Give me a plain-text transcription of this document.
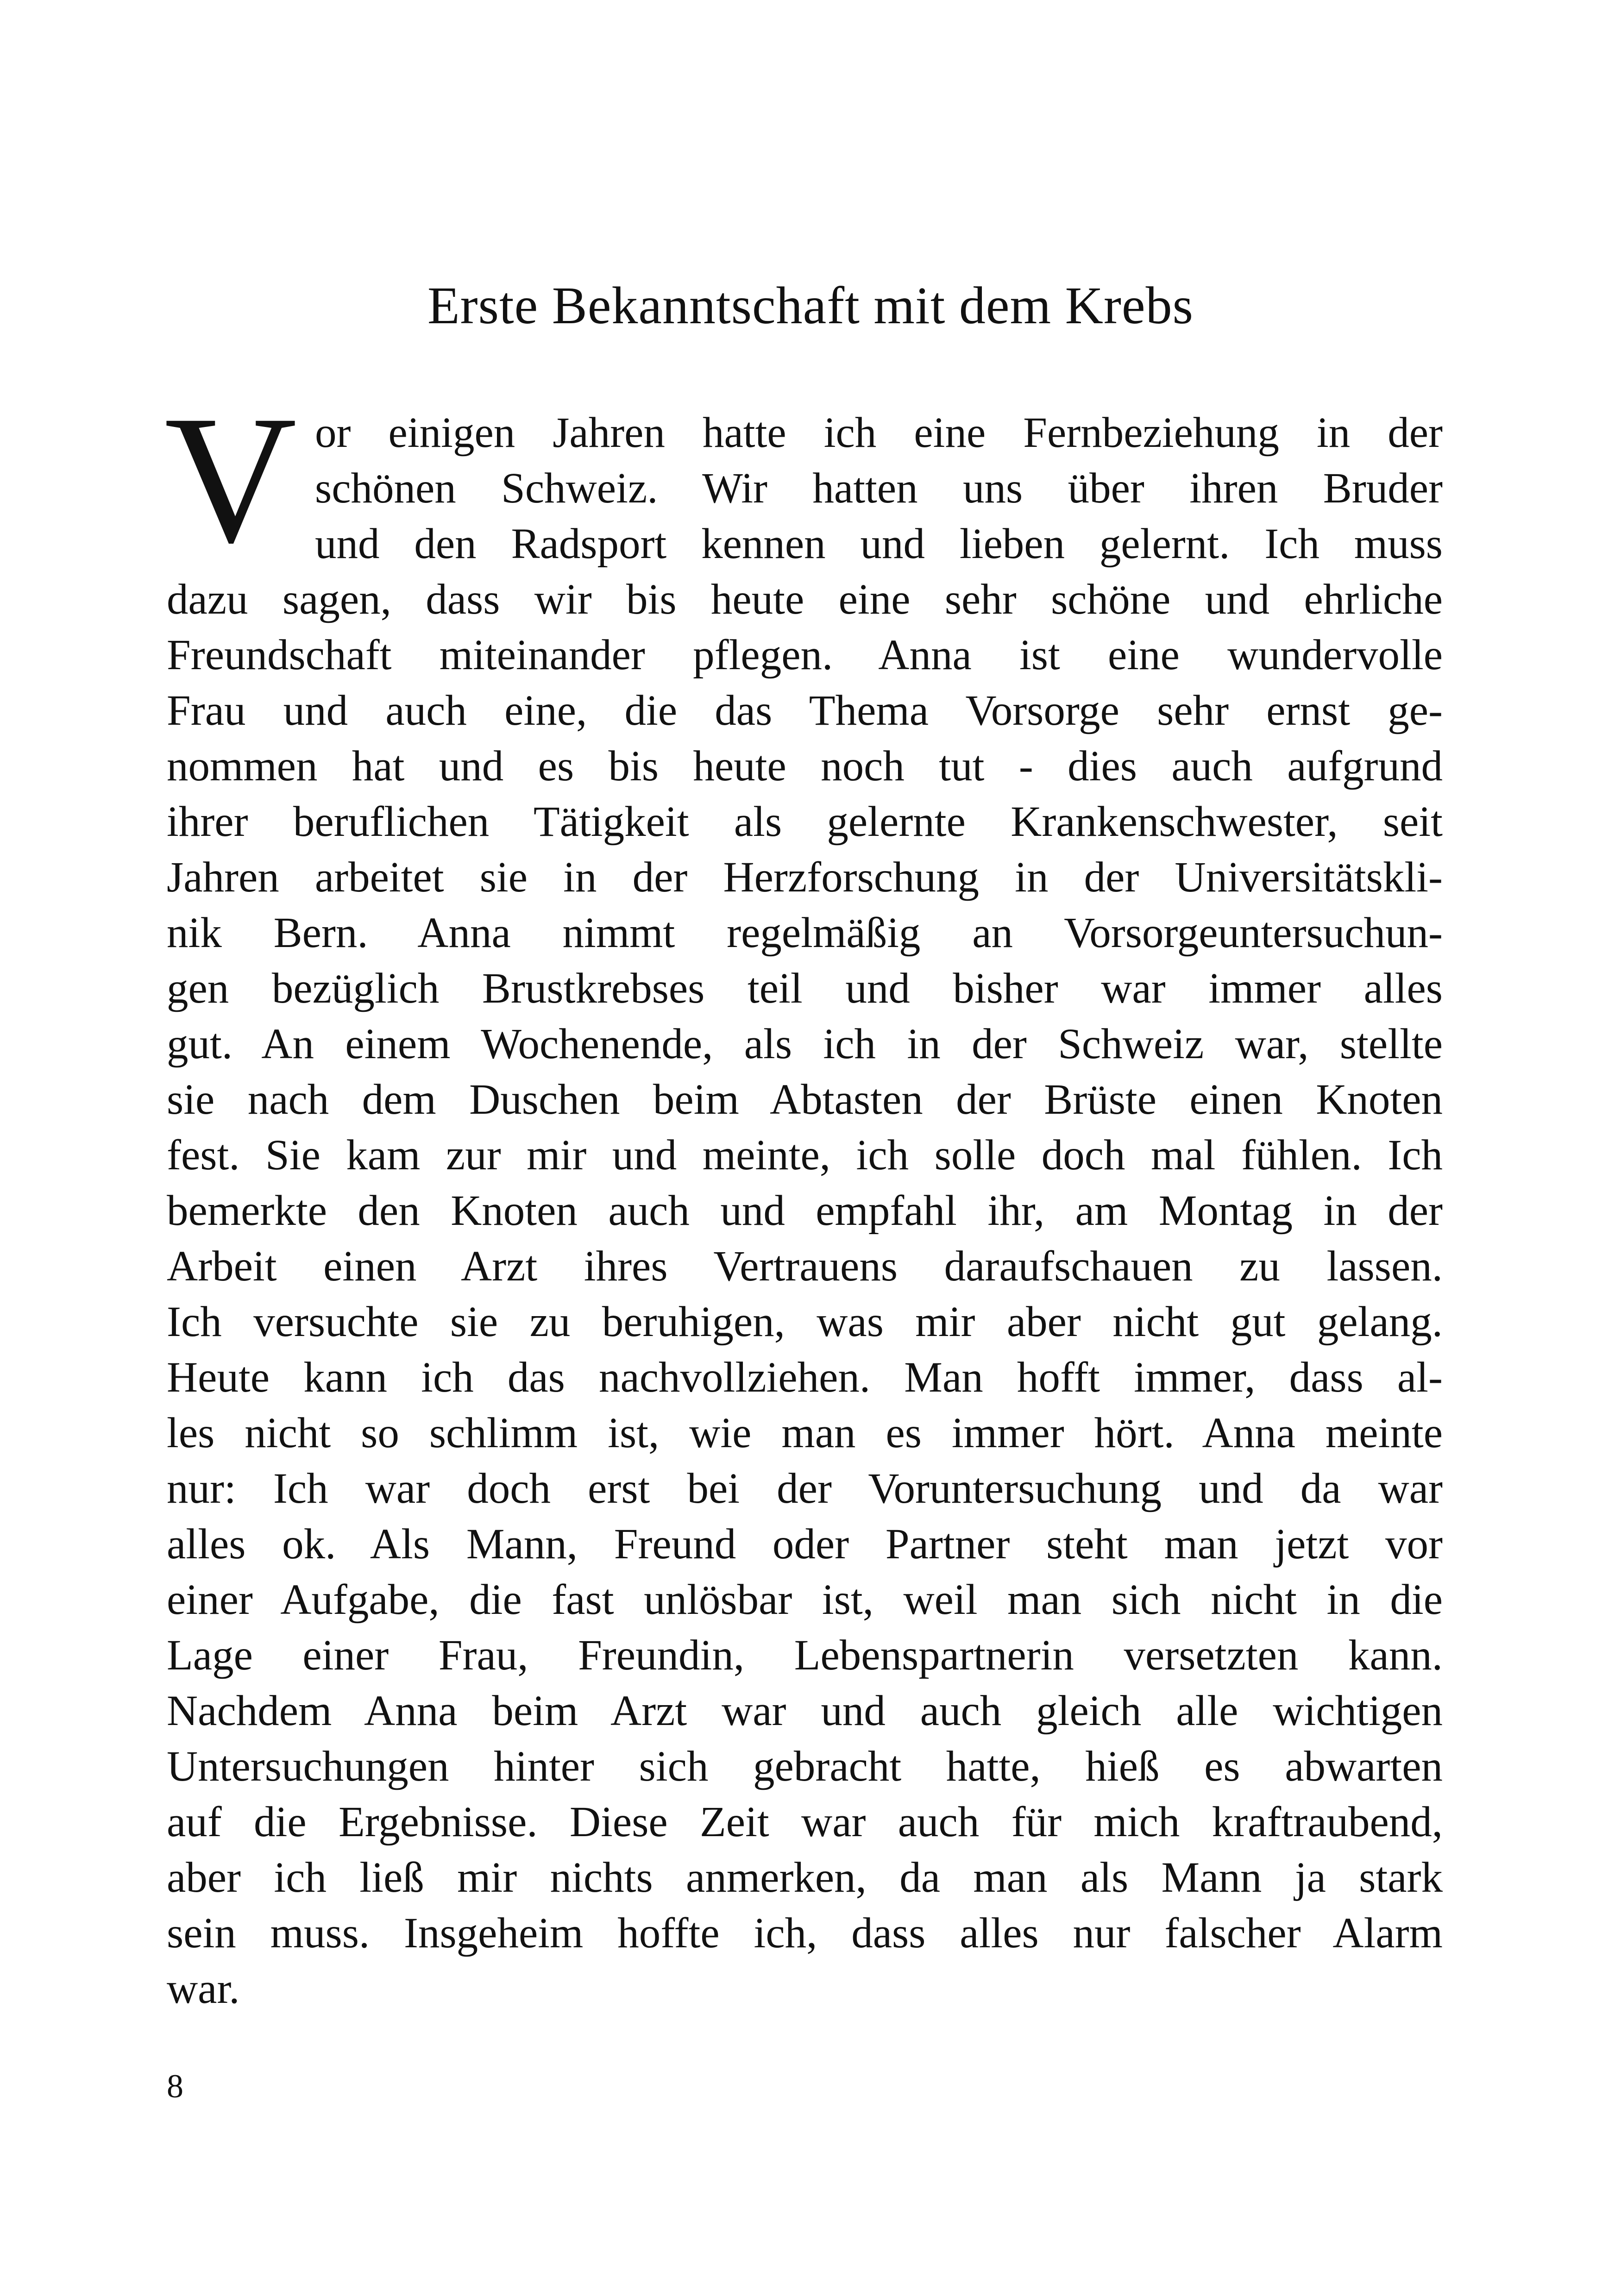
Erste Bekanntschaft mit dem Krebs
V or einigen Jahren hatte ich eine Fernbeziehung in der
schönen Schweiz. Wir hatten uns über ihren Bruder
und den Radsport kennen und lieben gelernt. Ich muss
dazu sagen, dass wir bis heute eine sehr schöne und ehrliche
Freundschaft miteinander pflegen. Anna ist eine wundervolle
Frau und auch eine, die das Thema Vorsorge sehr ernst ge-
nommen hat und es bis heute noch tut - dies auch aufgrund
ihrer beruflichen Tätigkeit als gelernte Krankenschwester, seit
Jahren arbeitet sie in der Herzforschung in der Universitätskli-
nik Bern. Anna nimmt regelmäßig an Vorsorgeuntersuchun-
gen bezüglich Brustkrebses teil und bisher war immer alles
gut. An einem Wochenende, als ich in der Schweiz war, stellte
sie nach dem Duschen beim Abtasten der Brüste einen Knoten
fest. Sie kam zur mir und meinte, ich solle doch mal fühlen. Ich
bemerkte den Knoten auch und empfahl ihr, am Montag in der
Arbeit einen Arzt ihres Vertrauens daraufschauen zu lassen.
Ich versuchte sie zu beruhigen, was mir aber nicht gut gelang.
Heute kann ich das nachvollziehen. Man hofft immer, dass al-
les nicht so schlimm ist, wie man es immer hört. Anna meinte
nur: Ich war doch erst bei der Voruntersuchung und da war
alles ok. Als Mann, Freund oder Partner steht man jetzt vor
einer Aufgabe, die fast unlösbar ist, weil man sich nicht in die
Lage einer Frau, Freundin, Lebenspartnerin versetzten kann.
Nachdem Anna beim Arzt war und auch gleich alle wichtigen
Untersuchungen hinter sich gebracht hatte, hieß es abwarten
auf die Ergebnisse. Diese Zeit war auch für mich kraftraubend,
aber ich ließ mir nichts anmerken, da man als Mann ja stark
sein muss. Insgeheim hoffte ich, dass alles nur falscher Alarm
war.
8
